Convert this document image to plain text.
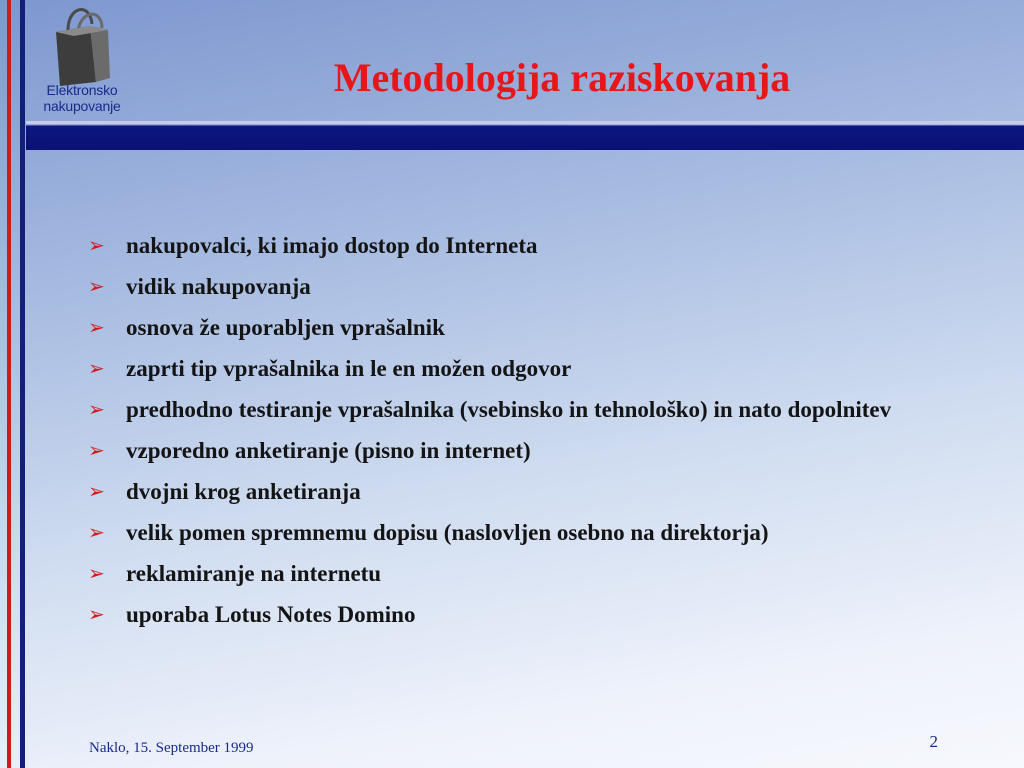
Elektronsko
nakupovanje
Metodologija raziskovanja
➢ nakupovalci, ki imajo dostop do Interneta
➢ vidik nakupovanja
➢ osnova že uporabljen vprašalnik
➢ zaprti tip vprašalnika in le en možen odgovor
➢ predhodno testiranje vprašalnika (vsebinsko in tehnološko) in nato dopolnitev
➢ vzporedno anketiranje (pisno in internet)
➢ dvojni krog anketiranja
➢ velik pomen spremnemu dopisu (naslovljen osebno na direktorja)
➢ reklamiranje na internetu
➢ uporaba Lotus Notes Domino
Naklo, 15. September 1999	2
